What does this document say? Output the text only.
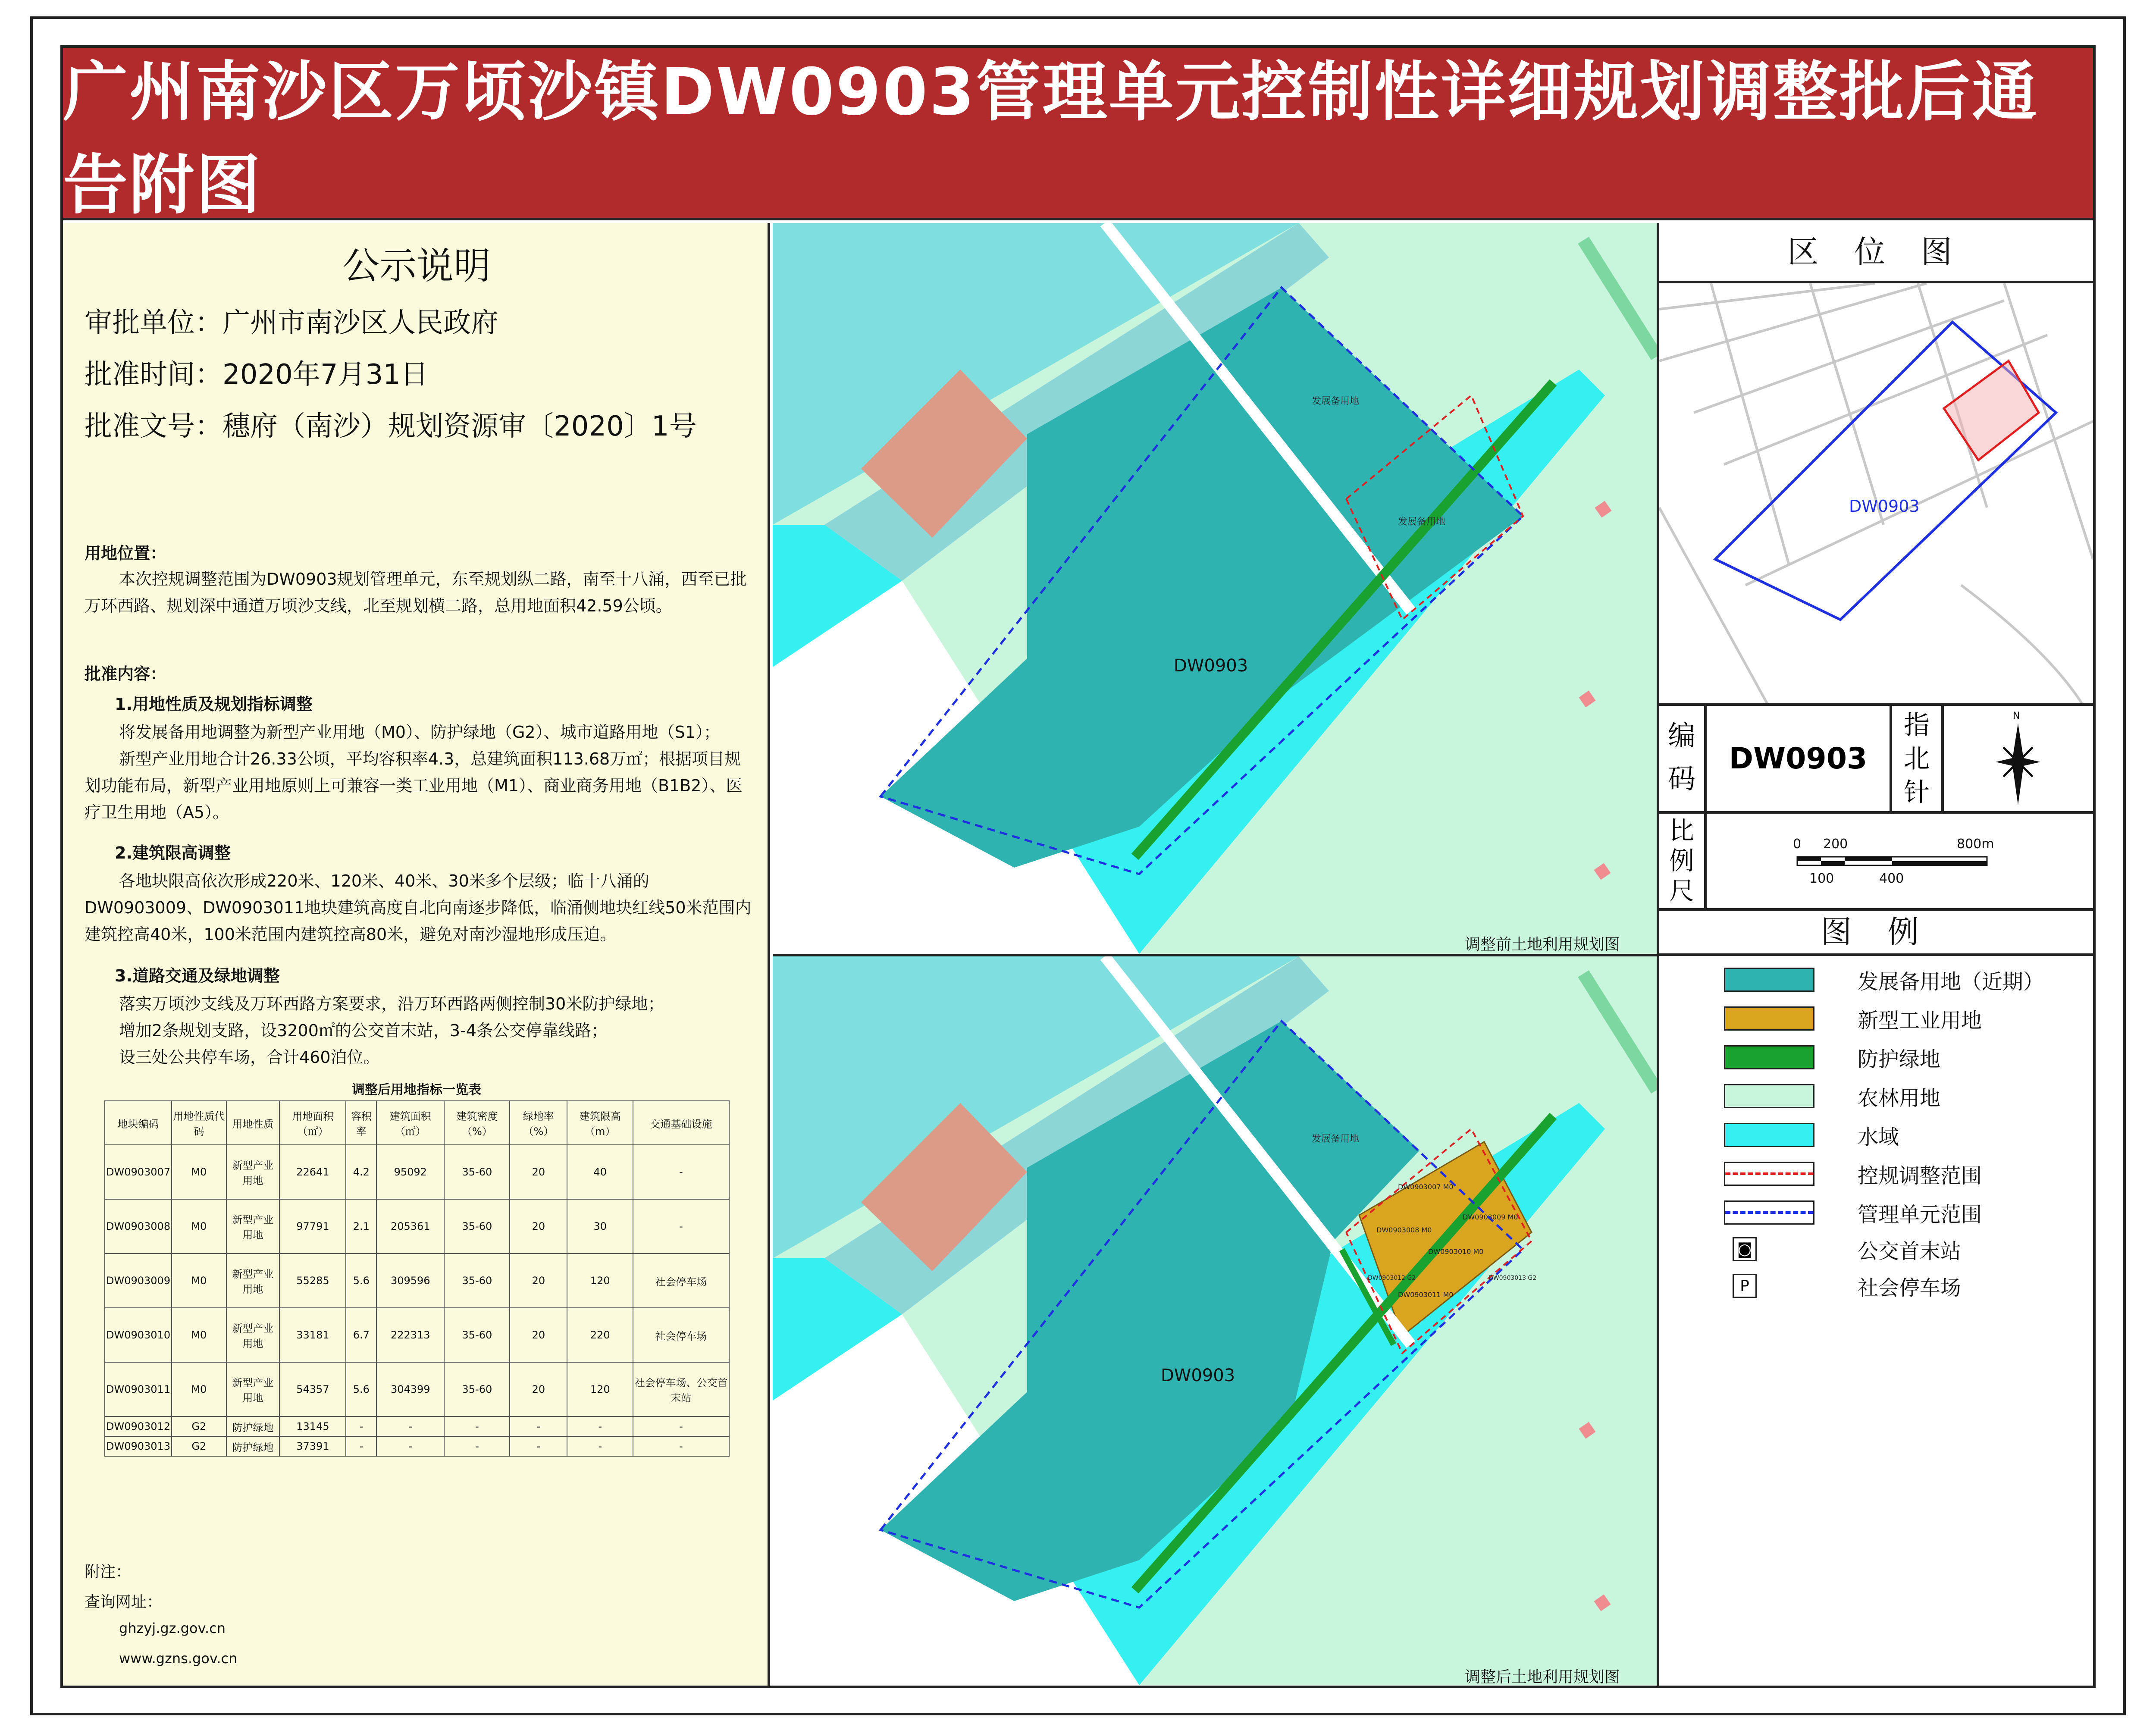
广州南沙区万顷沙镇DW0903管理单元控制性详细规划调整批后通告附图
公示说明
审批单位：广州市南沙区人民政府
批准时间：2020年7月31日
批准文号：穗府（南沙）规划资源审〔2020〕1号
用地位置：
本次控规调整范围为DW0903规划管理单元，东至规划纵二路，南至十八涌，西至已批万环西路、规划深中通道万顷沙支线，北至规划横二路，总用地面积42.59公顷。
批准内容：
1.用地性质及规划指标调整
将发展备用地调整为新型产业用地（M0）、防护绿地（G2）、城市道路用地（S1）；
新型产业用地合计26.33公顷，平均容积率4.3，总建筑面积113.68万㎡；根据项目规划功能布局，新型产业用地原则上可兼容一类工业用地（M1）、商业商务用地（B1B2）、医疗卫生用地（A5）。
2.建筑限高调整
各地块限高依次形成220米、120米、40米、30米多个层级；临十八涌的DW0903009、DW0903011地块建筑高度自北向南逐步降低，临涌侧地块红线50米范围内建筑控高40米，100米范围内建筑控高80米，避免对南沙湿地形成压迫。
3.道路交通及绿地调整
落实万顷沙支线及万环西路方案要求，沿万环西路两侧控制30米防护绿地；
增加2条规划支路，设3200㎡的公交首末站，3-4条公交停靠线路；
设三处公共停车场，合计460泊位。
调整后用地指标一览表
地块编码	用地性质代码	用地性质	用地面积（㎡）	容积率	建筑面积（㎡）	建筑密度（%）	绿地率（%）	建筑限高（m）	交通基础设施
DW0903007	M0	新型产业用地	22641	4.2	95092	35-60	20	40	-
DW0903008	M0	新型产业用地	97791	2.1	205361	35-60	20	30	-
DW0903009	M0	新型产业用地	55285	5.6	309596	35-60	20	120	社会停车场
DW0903010	M0	新型产业用地	33181	6.7	222313	35-60	20	220	社会停车场
DW0903011	M0	新型产业用地	54357	5.6	304399	35-60	20	120	社会停车场、公交首末站
DW0903012	G2	防护绿地	13145	-	-	-	-	-	-
DW0903013	G2	防护绿地	37391	-	-	-	-	-	-
附注：
查询网址：
ghzyj.gz.gov.cn
www.gzns.gov.cn
DW0903
发展备用地
发展备用地
调整前土地利用规划图
DW0903
发展备用地
DW0903007 M0
DW0903008 M0
DW0903009 M0
DW0903010 M0
DW0903011 M0
DW0903012 G2	DW0903013 G2
调整后土地利用规划图
区 位 图
DW0903
编
码
DW0903
指
北
针
N
比
例
尺
0 200	800m
100	400
图 例
发展备用地（近期）
新型工业用地
防护绿地
农林用地
水域
控规调整范围
管理单元范围
◙	公交首末站
P	社会停车场
